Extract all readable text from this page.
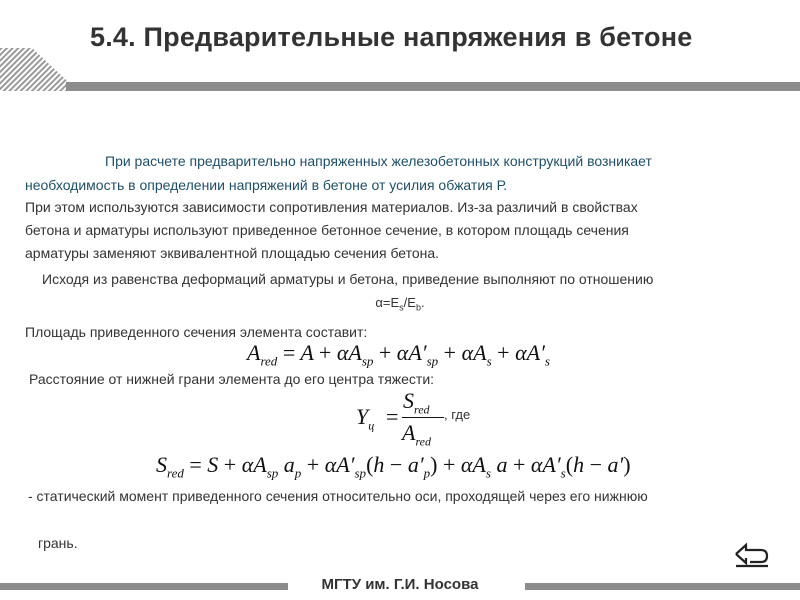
5.4. Предварительные напряжения в бетоне
При расчете предварительно напряженных железобетонных конструкций возникает
необходимость в определении напряжений в бетоне от усилия обжатия Р.
При этом используются зависимости сопротивления материалов. Из-за различий в свойствах
бетона и арматуры используют приведенное бетонное сечение, в котором площадь сечения
арматуры заменяют эквивалентной площадью сечения бетона.
Исходя из равенства деформаций арматуры и бетона, приведение выполняют по отношению
$\alpha=E_s/E_b$.
Площадь приведенного сечения элемента составит:
$A_{red} = A + \alpha A_{sp} + \alpha A'_{sp} + \alpha A_s + \alpha A'_s$
Расстояние от нижней грани элемента до его центра тяжести:
$Y_ц$ =
$S_{red}$
$A_{red}$
, где
$S_{red} = S + \alpha A_{sp}$ $a_p + \alpha A'_{sp}(h - a'_p) + \alpha A_s$ $a + \alpha A'_s(h - a')$
- статический момент приведенного сечения относительно оси, проходящей через его нижнюю
грань.
МГТУ им. Г.И. Носова
